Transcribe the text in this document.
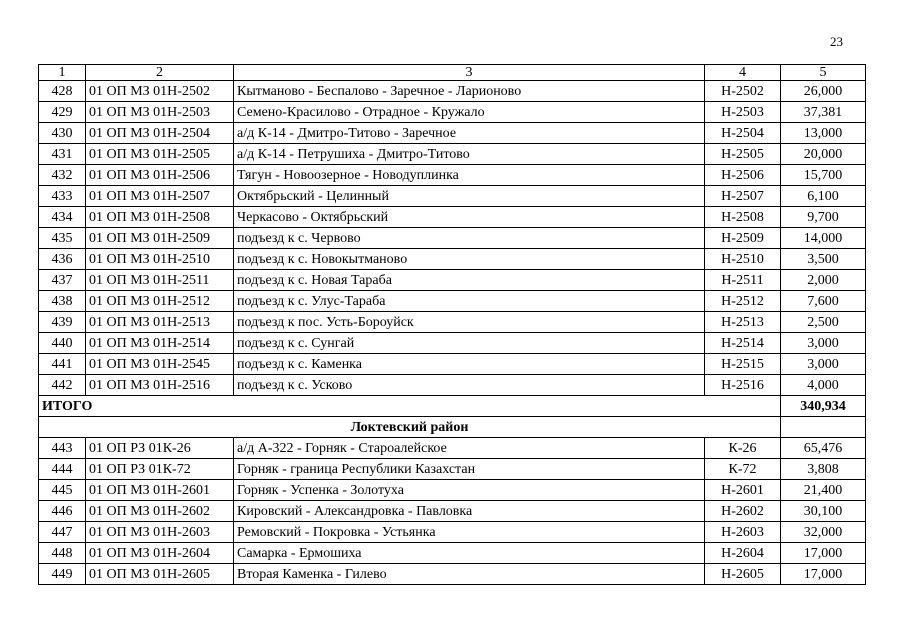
23
1	2	3	4	5
428	01 ОП МЗ 01Н-2502	Кытманово - Беспалово - Заречное - Ларионово	Н-2502	26,000
429	01 ОП МЗ 01Н-2503	Семено-Красилово - Отрадное - Кружало	Н-2503	37,381
430	01 ОП МЗ 01Н-2504	а/д К-14 - Дмитро-Титово - Заречное	Н-2504	13,000
431	01 ОП МЗ 01Н-2505	а/д К-14 - Петрушиха - Дмитро-Титово	Н-2505	20,000
432	01 ОП МЗ 01Н-2506	Тягун - Новоозерное - Новодуплинка	Н-2506	15,700
433	01 ОП МЗ 01Н-2507	Октябрьский - Целинный	Н-2507	6,100
434	01 ОП МЗ 01Н-2508	Черкасово - Октябрьский	Н-2508	9,700
435	01 ОП МЗ 01Н-2509	подъезд к с. Червово	Н-2509	14,000
436	01 ОП МЗ 01Н-2510	подъезд к с. Новокытманово	Н-2510	3,500
437	01 ОП МЗ 01Н-2511	подъезд к с. Новая Тараба	Н-2511	2,000
438	01 ОП МЗ 01Н-2512	подъезд к с. Улус-Тараба	Н-2512	7,600
439	01 ОП МЗ 01Н-2513	подъезд к пос. Усть-Бороуйск	Н-2513	2,500
440	01 ОП МЗ 01Н-2514	подъезд к с. Сунгай	Н-2514	3,000
441	01 ОП МЗ 01Н-2545	подъезд к с. Каменка	Н-2515	3,000
442	01 ОП МЗ 01Н-2516	подъезд к с. Усково	Н-2516	4,000
ИТОГО				340,934
Локтевский район				
443	01 ОП РЗ 01К-26	а/д А-322 - Горняк - Староалейское	К-26	65,476
444	01 ОП РЗ 01К-72	Горняк - граница Республики Казахстан	К-72	3,808
445	01 ОП МЗ 01Н-2601	Горняк - Успенка - Золотуха	Н-2601	21,400
446	01 ОП МЗ 01Н-2602	Кировский - Александровка - Павловка	Н-2602	30,100
447	01 ОП МЗ 01Н-2603	Ремовский - Покровка - Устьянка	Н-2603	32,000
448	01 ОП МЗ 01Н-2604	Самарка - Ермошиха	Н-2604	17,000
449	01 ОП МЗ 01Н-2605	Вторая Каменка - Гилево	Н-2605	17,000
